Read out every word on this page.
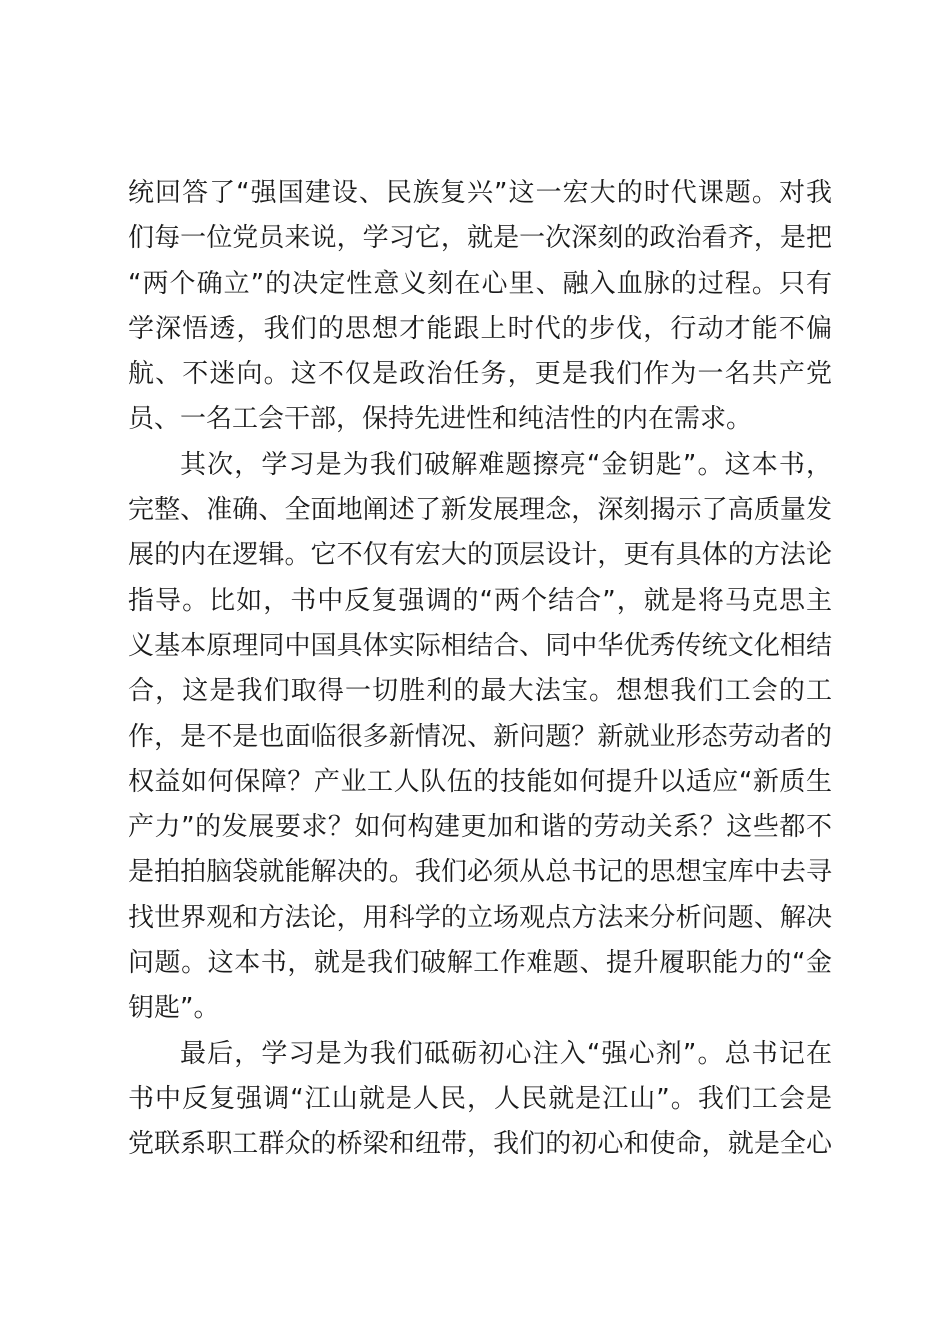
统回答了“强国建设、民族复兴”这一宏大的时代课题。对我
们每一位党员来说，学习它，就是一次深刻的政治看齐，是把
“两个确立”的决定性意义刻在心里、融入血脉的过程。只有
学深悟透，我们的思想才能跟上时代的步伐，行动才能不偏
航、不迷向。这不仅是政治任务，更是我们作为一名共产党
员、一名工会干部，保持先进性和纯洁性的内在需求。
其次，学习是为我们破解难题擦亮“金钥匙”。这本书，
完整、准确、全面地阐述了新发展理念，深刻揭示了高质量发
展的内在逻辑。它不仅有宏大的顶层设计，更有具体的方法论
指导。比如，书中反复强调的“两个结合”，就是将马克思主
义基本原理同中国具体实际相结合、同中华优秀传统文化相结
合，这是我们取得一切胜利的最大法宝。想想我们工会的工
作，是不是也面临很多新情况、新问题？新就业形态劳动者的
权益如何保障？产业工人队伍的技能如何提升以适应“新质生
产力”的发展要求？如何构建更加和谐的劳动关系？这些都不
是拍拍脑袋就能解决的。我们必须从总书记的思想宝库中去寻
找世界观和方法论，用科学的立场观点方法来分析问题、解决
问题。这本书，就是我们破解工作难题、提升履职能力的“金
钥匙”。
最后，学习是为我们砥砺初心注入“强心剂”。总书记在
书中反复强调“江山就是人民，人民就是江山”。我们工会是
党联系职工群众的桥梁和纽带，我们的初心和使命，就是全心
